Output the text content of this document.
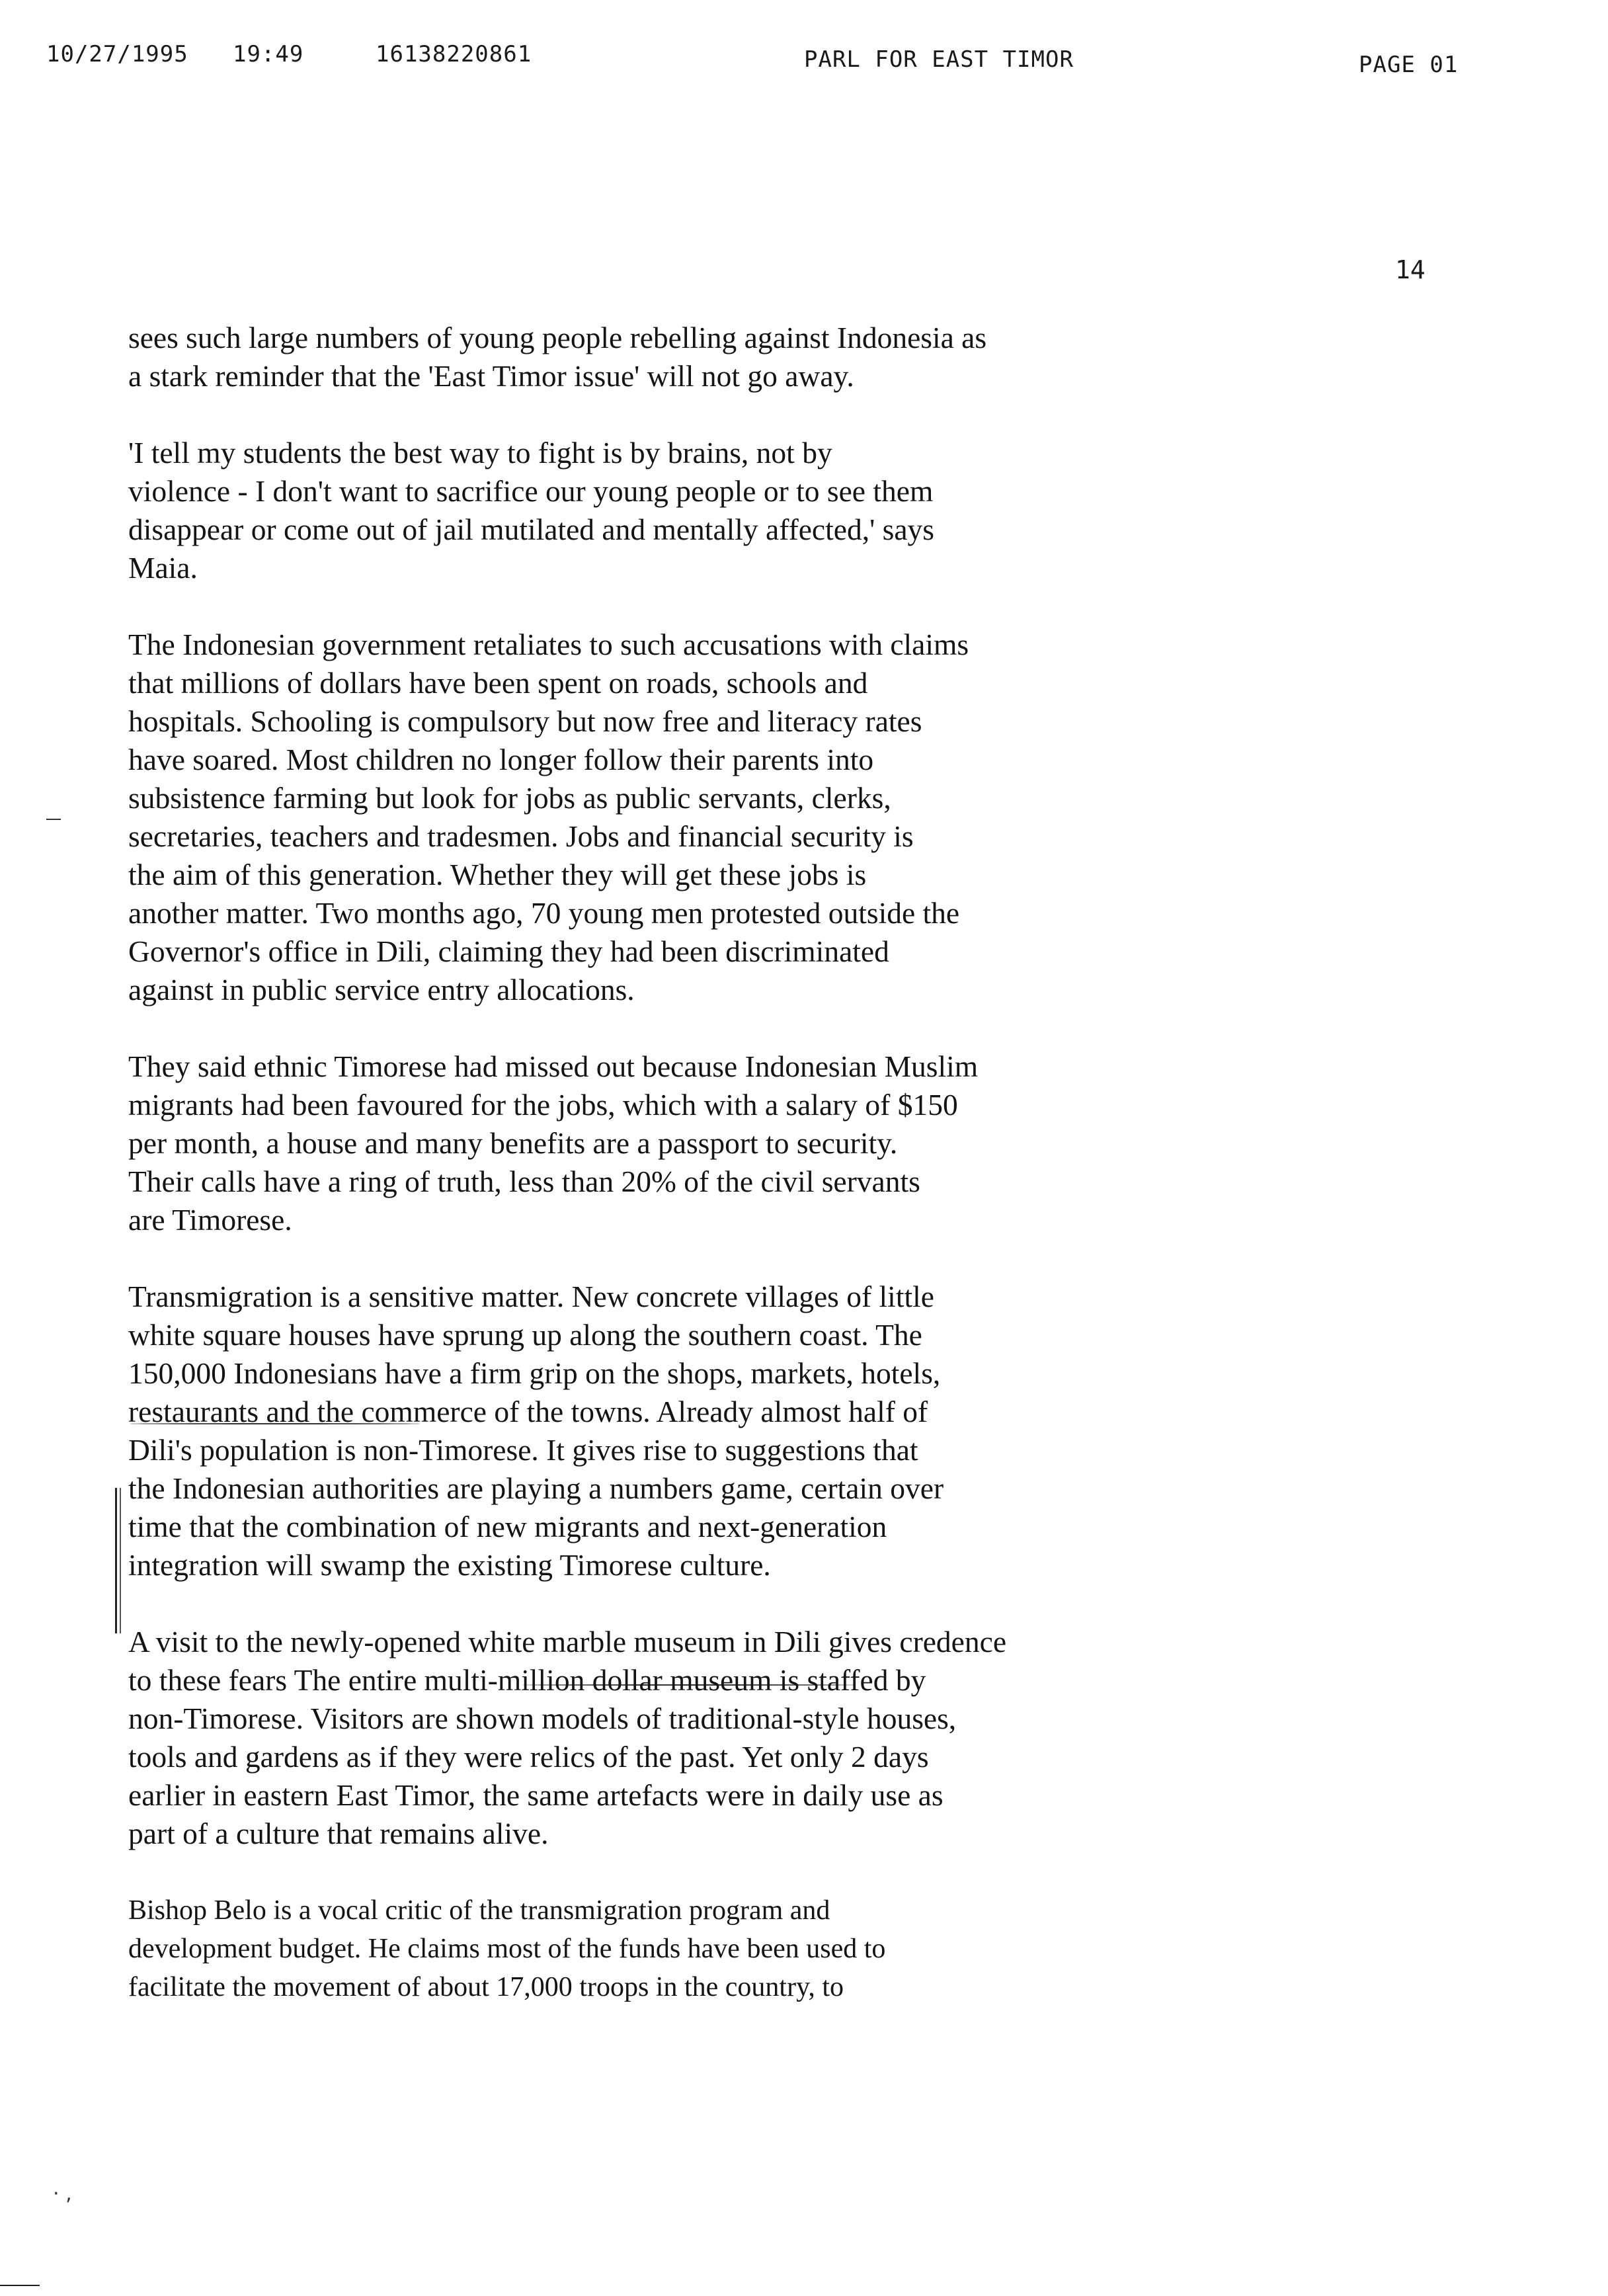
10/27/1995 19:49	16138220861	PARL FOR EAST TIMOR	PAGE 01
14

sees such large numbers of young people rebelling against Indonesia as
a stark reminder that the 'East Timor issue' will not go away.

'I tell my students the best way to fight is by brains, not by
violence - I don't want to sacrifice our young people or to see them
disappear or come out of jail mutilated and mentally affected,' says
Maia.

The Indonesian government retaliates to such accusations with claims
that millions of dollars have been spent on roads, schools and
hospitals. Schooling is compulsory but now free and literacy rates
have soared. Most children no longer follow their parents into
subsistence farming but look for jobs as public servants, clerks,
secretaries, teachers and tradesmen. Jobs and financial security is
the aim of this generation. Whether they will get these jobs is
another matter. Two months ago, 70 young men protested outside the
Governor's office in Dili, claiming they had been discriminated
against in public service entry allocations.

They said ethnic Timorese had missed out because Indonesian Muslim
migrants had been favoured for the jobs, which with a salary of $150
per month, a house and many benefits are a passport to security.
Their calls have a ring of truth, less than 20% of the civil servants
are Timorese.

Transmigration is a sensitive matter. New concrete villages of little
white square houses have sprung up along the southern coast. The
150,000 Indonesians have a firm grip on the shops, markets, hotels,
restaurants and the commerce of the towns. Already almost half of
Dili's population is non-Timorese. It gives rise to suggestions that
the Indonesian authorities are playing a numbers game, certain over
time that the combination of new migrants and next-generation
integration will swamp the existing Timorese culture.

A visit to the newly-opened white marble museum in Dili gives credence
to these fears The entire multi-million dollar museum is staffed by
non-Timorese. Visitors are shown models of traditional-style houses,
tools and gardens as if they were relics of the past. Yet only 2 days
earlier in eastern East Timor, the same artefacts were in daily use as
part of a culture that remains alive.

Bishop Belo is a vocal critic of the transmigration program and
development budget. He claims most of the funds have been used to
facilitate the movement of about 17,000 troops in the country, to

· ,
